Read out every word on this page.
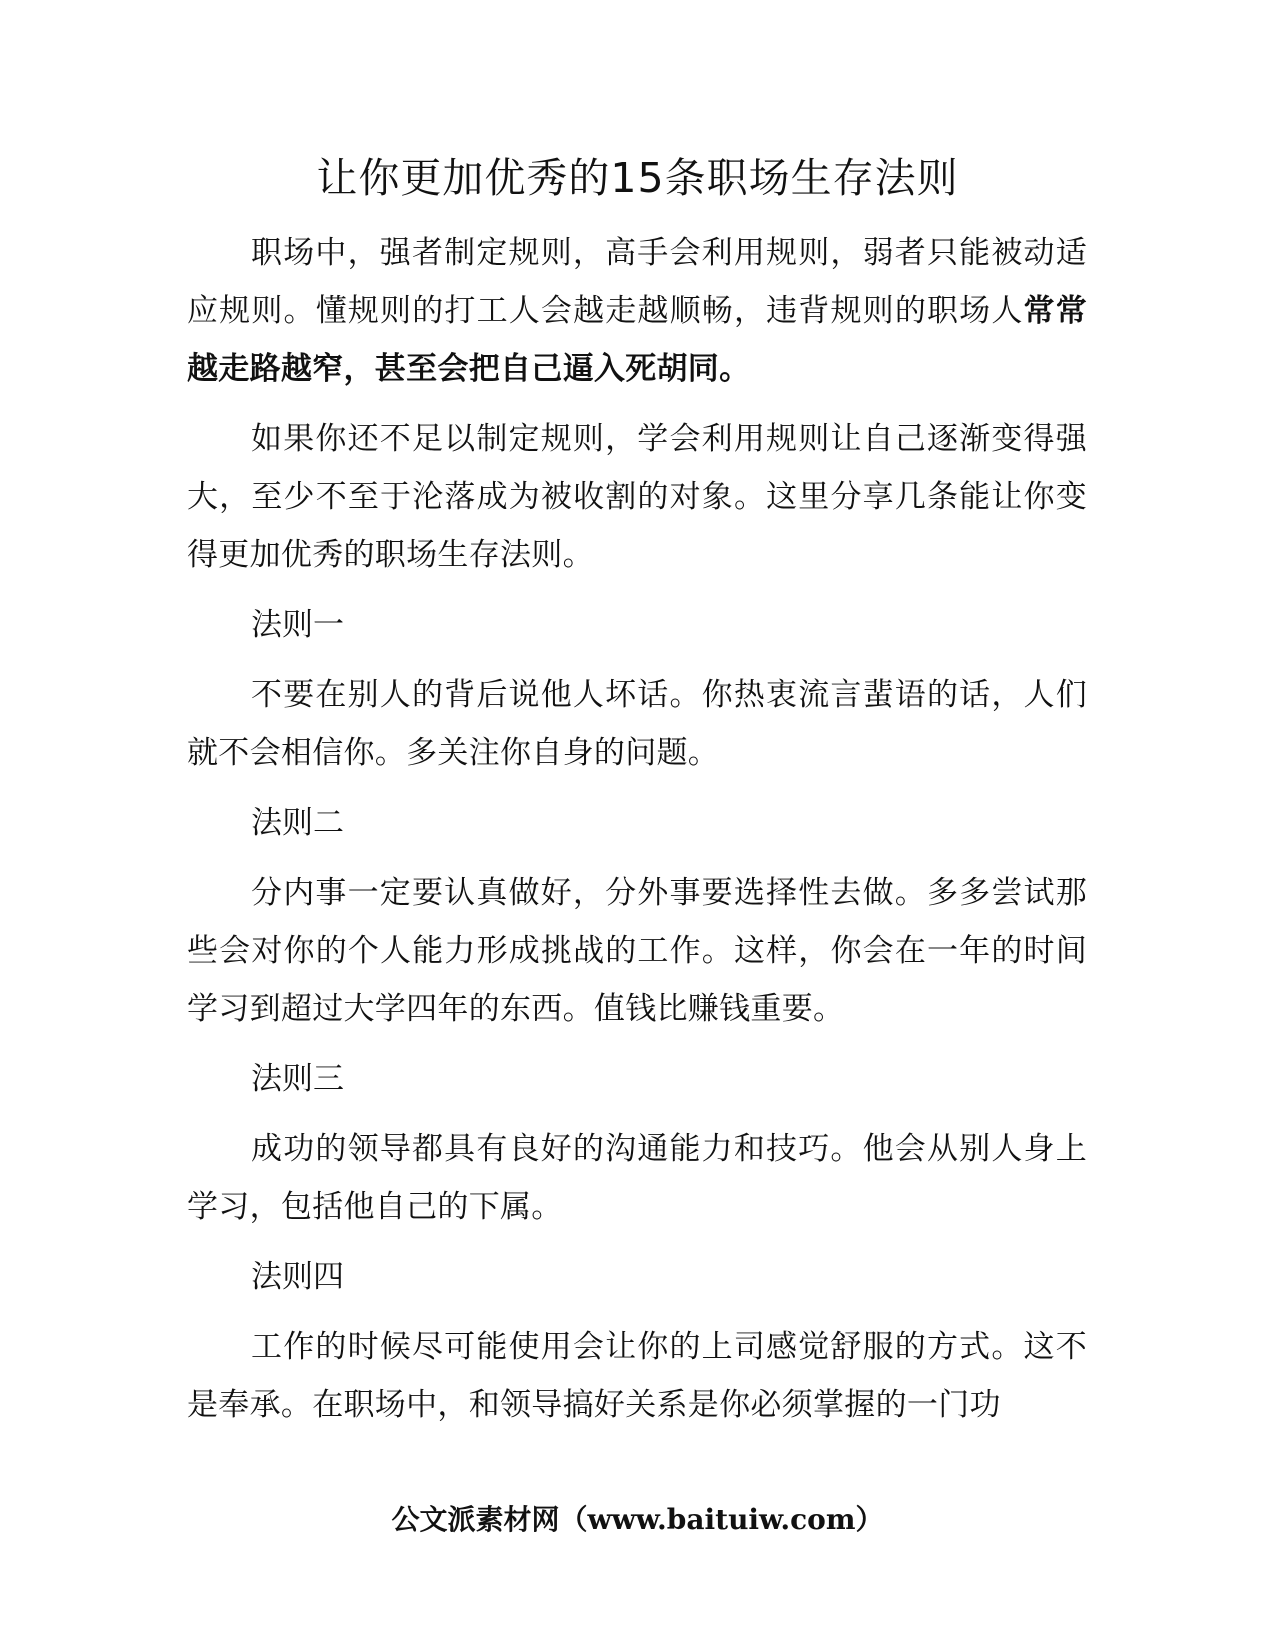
让你更加优秀的15条职场生存法则

职场中，强者制定规则，高手会利用规则，弱者只能被动适应规则。懂规则的打工人会越走越顺畅，违背规则的职场人常常越走路越窄，甚至会把自己逼入死胡同。

如果你还不足以制定规则，学会利用规则让自己逐渐变得强大，至少不至于沦落成为被收割的对象。这里分享几条能让你变得更加优秀的职场生存法则。

法则一

不要在别人的背后说他人坏话。你热衷流言蜚语的话，人们就不会相信你。多关注你自身的问题。

法则二

分内事一定要认真做好，分外事要选择性去做。多多尝试那些会对你的个人能力形成挑战的工作。这样，你会在一年的时间学习到超过大学四年的东西。值钱比赚钱重要。

法则三

成功的领导都具有良好的沟通能力和技巧。他会从别人身上学习，包括他自己的下属。

法则四

工作的时候尽可能使用会让你的上司感觉舒服的方式。这不是奉承。在职场中，和领导搞好关系是你必须掌握的一门功

公文派素材网（www.baituiw.com）
